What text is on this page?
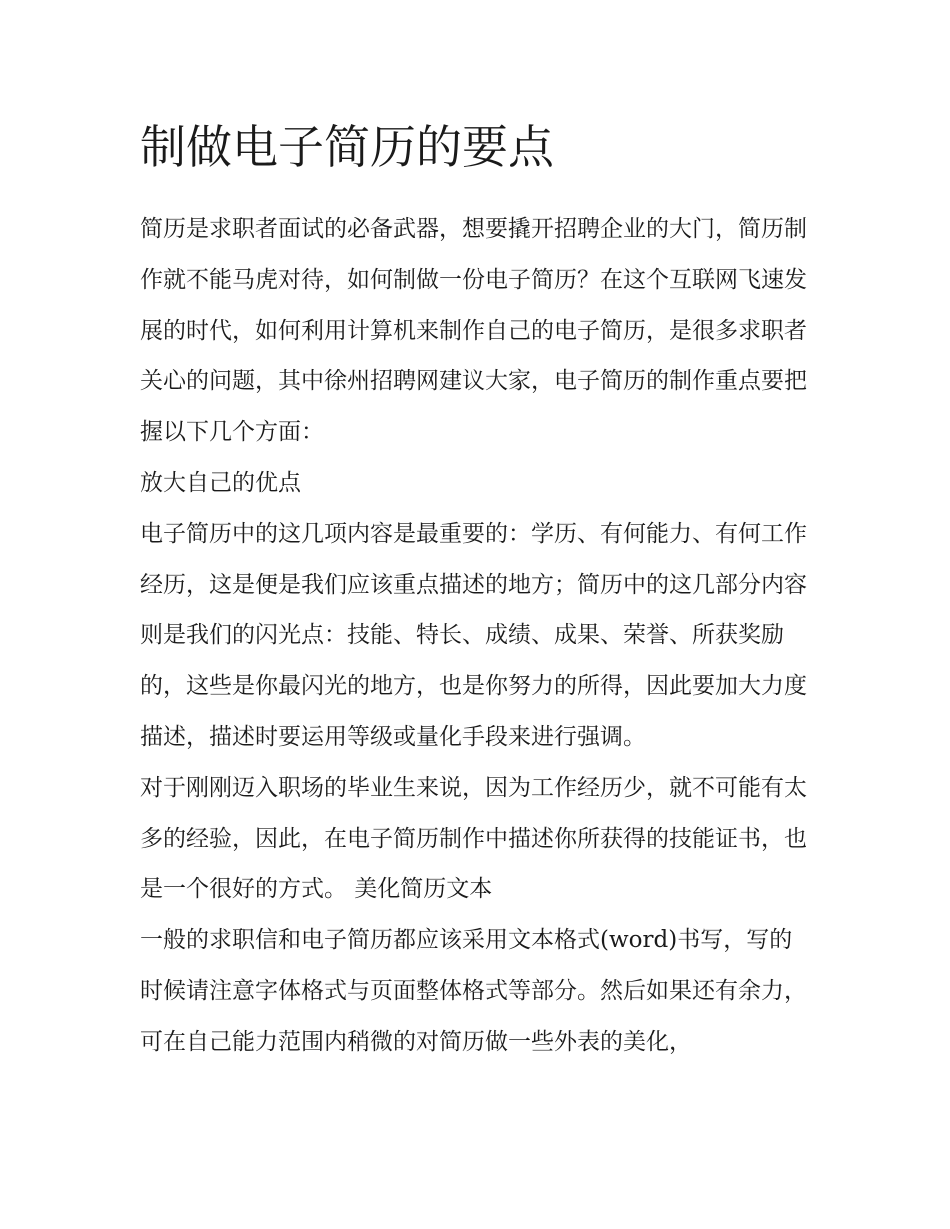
制做电子简历的要点

简历是求职者面试的必备武器，想要撬开招聘企业的大门，简历制作就不能马虎对待，如何制做一份电子简历？在这个互联网飞速发展的时代，如何利用计算机来制作自己的电子简历，是很多求职者关心的问题，其中徐州招聘网建议大家，电子简历的制作重点要把握以下几个方面：

放大自己的优点

电子简历中的这几项内容是最重要的：学历、有何能力、有何工作经历，这是便是我们应该重点描述的地方；简历中的这几部分内容则是我们的闪光点：技能、特长、成绩、成果、荣誉、所获奖励的，这些是你最闪光的地方，也是你努力的所得，因此要加大力度描述，描述时要运用等级或量化手段来进行强调。

对于刚刚迈入职场的毕业生来说，因为工作经历少，就不可能有太多的经验，因此，在电子简历制作中描述你所获得的技能证书，也是一个很好的方式。 美化简历文本

一般的求职信和电子简历都应该采用文本格式(word)书写，写的时候请注意字体格式与页面整体格式等部分。然后如果还有余力，可在自己能力范围内稍微的对简历做一些外表的美化，
